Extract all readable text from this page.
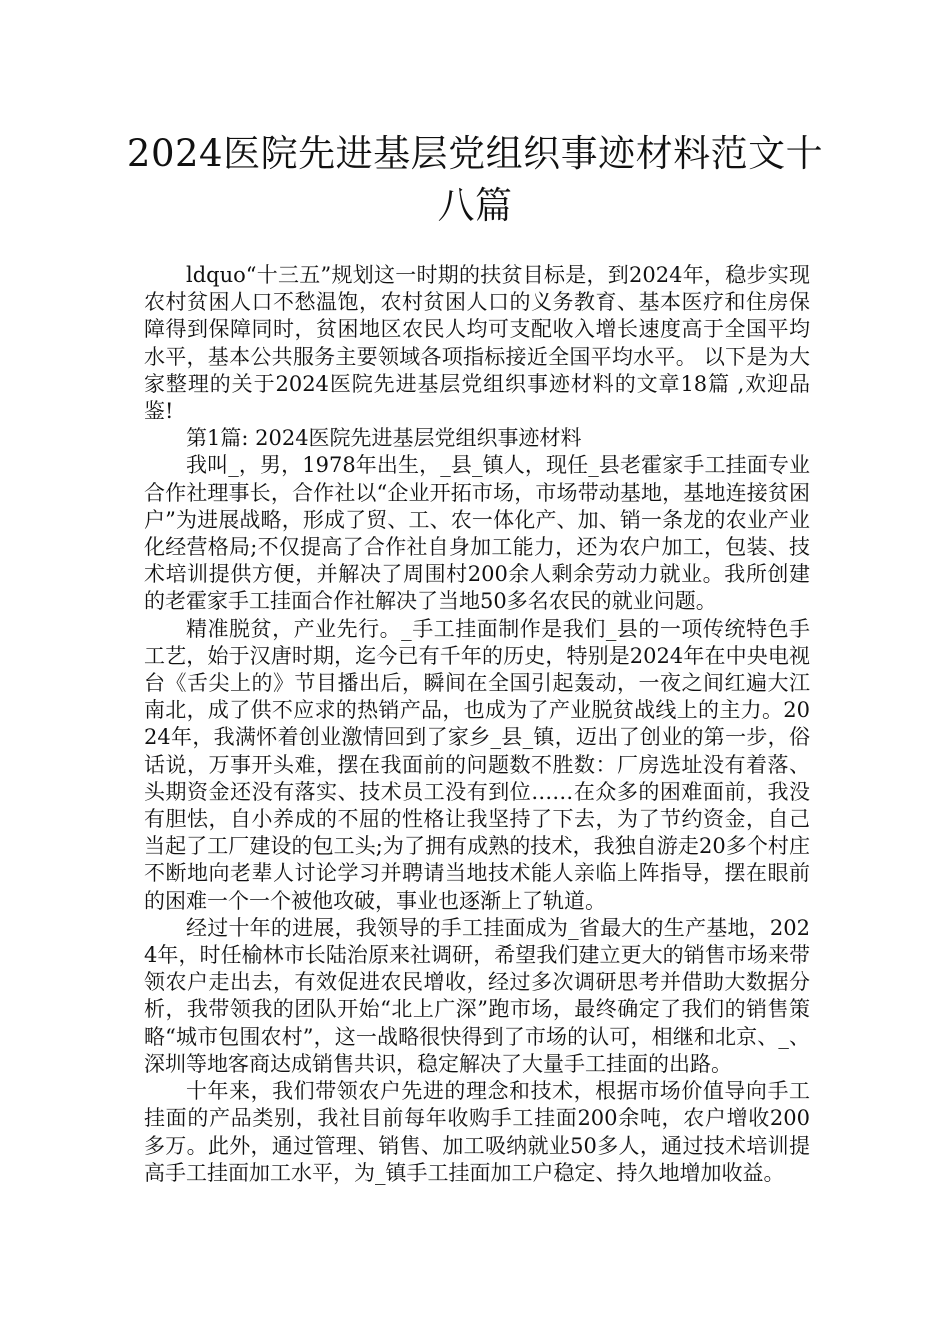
2024医院先进基层党组织事迹材料范文十八篇

ldquo“十三五”规划这一时期的扶贫目标是，到2024年，稳步实现农村贫困人口不愁温饱，农村贫困人口的义务教育、基本医疗和住房保障得到保障同时，贫困地区农民人均可支配收入增长速度高于全国平均水平，基本公共服务主要领域各项指标接近全国平均水平。 以下是为大家整理的关于2024医院先进基层党组织事迹材料的文章18篇 ,欢迎品鉴!

第1篇: 2024医院先进基层党组织事迹材料

我叫_，男，1978年出生，_县_镇人，现任_县老霍家手工挂面专业合作社理事长，合作社以“企业开拓市场，市场带动基地，基地连接贫困户”为进展战略，形成了贸、工、农一体化产、加、销一条龙的农业产业化经营格局;不仅提高了合作社自身加工能力，还为农户加工，包装、技术培训提供方便，并解决了周围村200余人剩余劳动力就业。我所创建的老霍家手工挂面合作社解决了当地50多名农民的就业问题。

精准脱贫，产业先行。_手工挂面制作是我们_县的一项传统特色手工艺，始于汉唐时期，迄今已有千年的历史，特别是2024年在中央电视台《舌尖上的》节目播出后，瞬间在全国引起轰动，一夜之间红遍大江南北，成了供不应求的热销产品，也成为了产业脱贫战线上的主力。2024年，我满怀着创业激情回到了家乡_县_镇，迈出了创业的第一步，俗话说，万事开头难，摆在我面前的问题数不胜数：厂房选址没有着落、头期资金还没有落实、技术员工没有到位……在众多的困难面前，我没有胆怯，自小养成的不屈的性格让我坚持了下去，为了节约资金，自己当起了工厂建设的包工头;为了拥有成熟的技术，我独自游走20多个村庄不断地向老辈人讨论学习并聘请当地技术能人亲临上阵指导，摆在眼前的困难一个一个被他攻破，事业也逐渐上了轨道。

经过十年的进展，我领导的手工挂面成为_省最大的生产基地，2024年，时任榆林市长陆治原来社调研，希望我们建立更大的销售市场来带领农户走出去，有效促进农民增收，经过多次调研思考并借助大数据分析，我带领我的团队开始“北上广深”跑市场，最终确定了我们的销售策略“城市包围农村”，这一战略很快得到了市场的认可，相继和北京、_、深圳等地客商达成销售共识，稳定解决了大量手工挂面的出路。

十年来，我们带领农户先进的理念和技术，根据市场价值导向手工挂面的产品类别，我社目前每年收购手工挂面200余吨，农户增收200多万。此外，通过管理、销售、加工吸纳就业50多人，通过技术培训提高手工挂面加工水平，为_镇手工挂面加工户稳定、持久地增加收益。
